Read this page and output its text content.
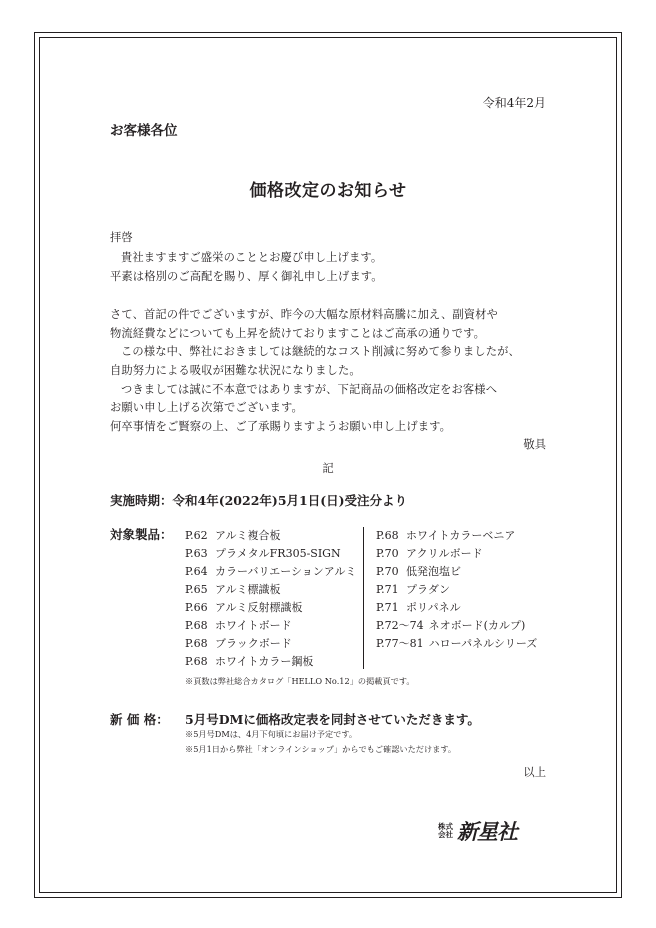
令和4年2月
お客様各位
価格改定のお知らせ
拝啓
貴社ますますご盛栄のこととお慶び申し上げます。
平素は格別のご高配を賜り、厚く御礼申し上げます。
さて、首記の件でございますが、昨今の大幅な原材料高騰に加え、副資材や
物流経費などについても上昇を続けておりますことはご高承の通りです。
この様な中、弊社におきましては継続的なコスト削減に努めて参りましたが、
自助努力による吸収が困難な状況になりました。
つきましては誠に不本意ではありますが、下記商品の価格改定をお客様へ
お願い申し上げる次第でございます。
何卒事情をご賢察の上、ご了承賜りますようお願い申し上げます。
敬具
記
実施時期：令和4年(2022年)5月1日(日)受注分より
対象製品： P.62 アルミ複合板
P.63 プラメタルFR305-SIGN
P.64 カラーバリエーションアルミ
P.65 アルミ標識板
P.66 アルミ反射標識板
P.68 ホワイトボード
P.68 ブラックボード
P.68 ホワイトカラー鋼板
P.68 ホワイトカラーベニア
P.70 アクリルボード
P.70 低発泡塩ビ
P.71 プラダン
P.71 ポリパネル
P.72～74 ネオボード(カルプ)
P.77～81 ハローパネルシリーズ
※頁数は弊社総合カタログ「HELLO No.12」の掲載頁です。
新 価 格： 5月号DMに価格改定表を同封させていただきます。
※5月号DMは、4月下旬頃にお届け予定です。
※5月1日から弊社「オンラインショップ」からでもご確認いただけます。
以上
株式
会社 新星社
